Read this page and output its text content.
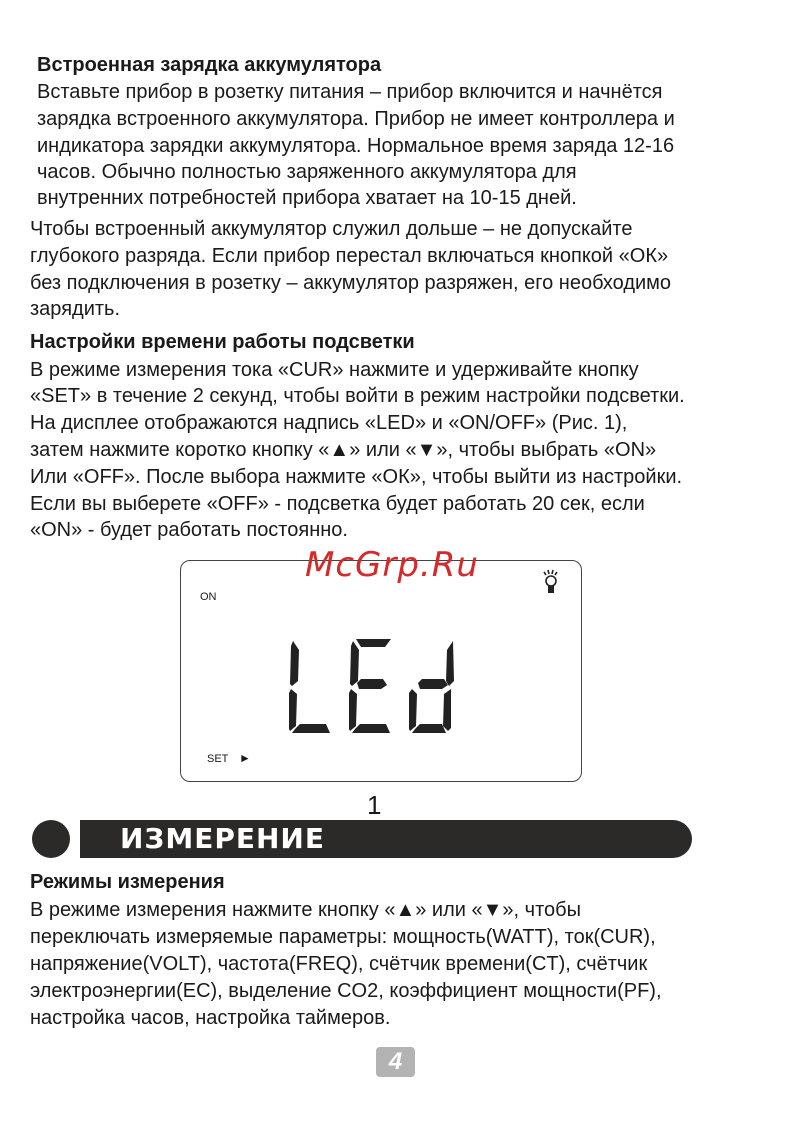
Встроенная зарядка аккумулятора
Вставьте прибор в розетку питания – прибор включится и начнётся
зарядка встроенного аккумулятора. Прибор не имеет контроллера и
индикатора зарядки аккумулятора. Нормальное время заряда 12-16
часов. Обычно полностью заряженного аккумулятора для
внутренних потребностей прибора хватает на 10-15 дней.
Чтобы встроенный аккумулятор служил дольше – не допускайте
глубокого разряда. Если прибор перестал включаться кнопкой «ОК»
без подключения в розетку – аккумулятор разряжен, его необходимо
зарядить.
Настройки времени работы подсветки
В режиме измерения тока «CUR» нажмите и удерживайте кнопку
«SET» в течение 2 секунд, чтобы войти в режим настройки подсветки.
На дисплее отображаются надпись «LED» и «ON/OFF» (Рис. 1),
затем нажмите коротко кнопку «▲» или «▼», чтобы выбрать «ON»
Или «OFF». После выбора нажмите «ОК», чтобы выйти из настройки.
Если вы выберете «OFF» - подсветка будет работать 20 сек, если
«ON» - будет работать постоянно.
ON
SET ►
McGrp.Ru
1
ИЗМЕРЕНИЕ
Режимы измерения
В режиме измерения нажмите кнопку «▲» или «▼», чтобы
переключать измеряемые параметры: мощность(WATT), ток(CUR),
напряжение(VOLT), частота(FREQ), счётчик времени(CT), счётчик
электроэнергии(EC), выделение CO2, коэффициент мощности(PF),
настройка часов, настройка таймеров.
4
